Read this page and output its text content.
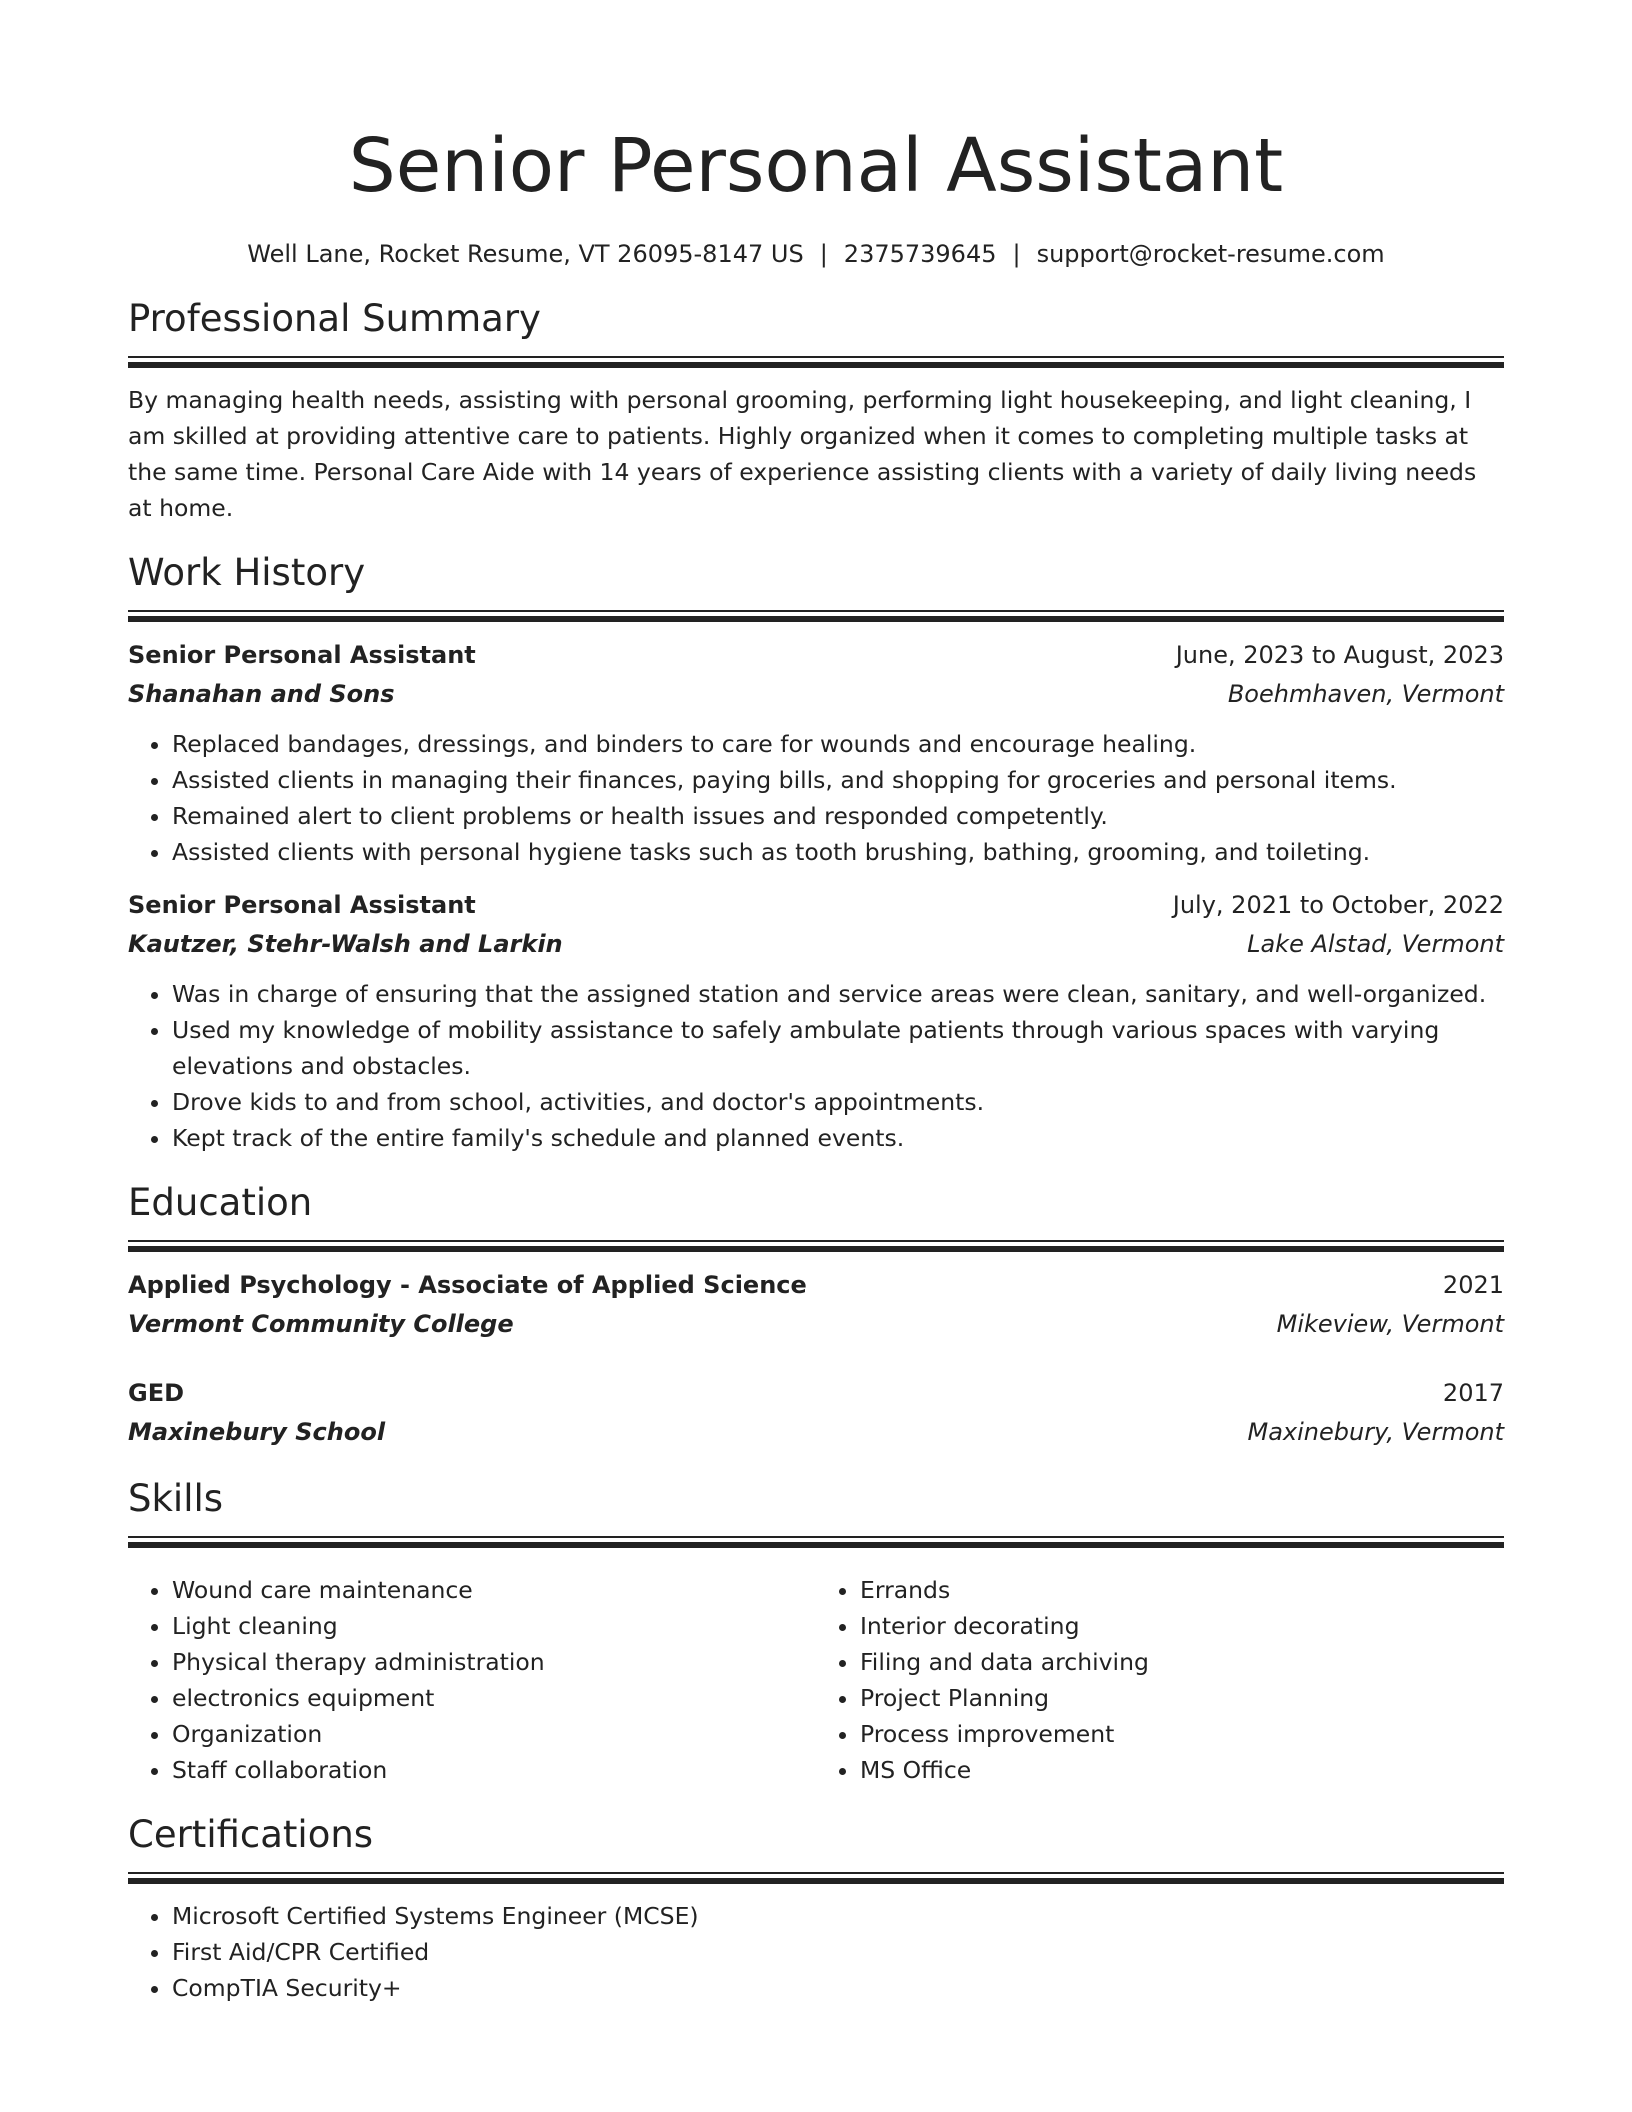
Senior Personal Assistant
Well Lane, Rocket Resume, VT 26095-8147 US | 2375739645 | support@rocket-resume.com
Professional Summary

By managing health needs, assisting with personal grooming, performing light housekeeping, and light cleaning, I am skilled at providing attentive care to patients. Highly organized when it comes to completing multiple tasks at the same time. Personal Care Aide with 14 years of experience assisting clients with a variety of daily living needs at home.

Work History
Senior Personal Assistant	June, 2023 to August, 2023
Shanahan and Sons	Boehmhaven, Vermont
• Replaced bandages, dressings, and binders to care for wounds and encourage healing.
• Assisted clients in managing their finances, paying bills, and shopping for groceries and personal items.
• Remained alert to client problems or health issues and responded competently.
• Assisted clients with personal hygiene tasks such as tooth brushing, bathing, grooming, and toileting.
Senior Personal Assistant	July, 2021 to October, 2022
Kautzer, Stehr-Walsh and Larkin	Lake Alstad, Vermont
• Was in charge of ensuring that the assigned station and service areas were clean, sanitary, and well-organized.
• Used my knowledge of mobility assistance to safely ambulate patients through various spaces with varying elevations and obstacles.
• Drove kids to and from school, activities, and doctor's appointments.
• Kept track of the entire family's schedule and planned events.
Education
Applied Psychology - Associate of Applied Science	2021
Vermont Community College	Mikeview, Vermont
GED	2017
Maxinebury School	Maxinebury, Vermont
Skills
• Wound care maintenance
• Light cleaning
• Physical therapy administration
• electronics equipment
• Organization
• Staff collaboration
• Errands
• Interior decorating
• Filing and data archiving
• Project Planning
• Process improvement
• MS Office
Certifications
• Microsoft Certified Systems Engineer (MCSE)
• First Aid/CPR Certified
• CompTIA Security+
